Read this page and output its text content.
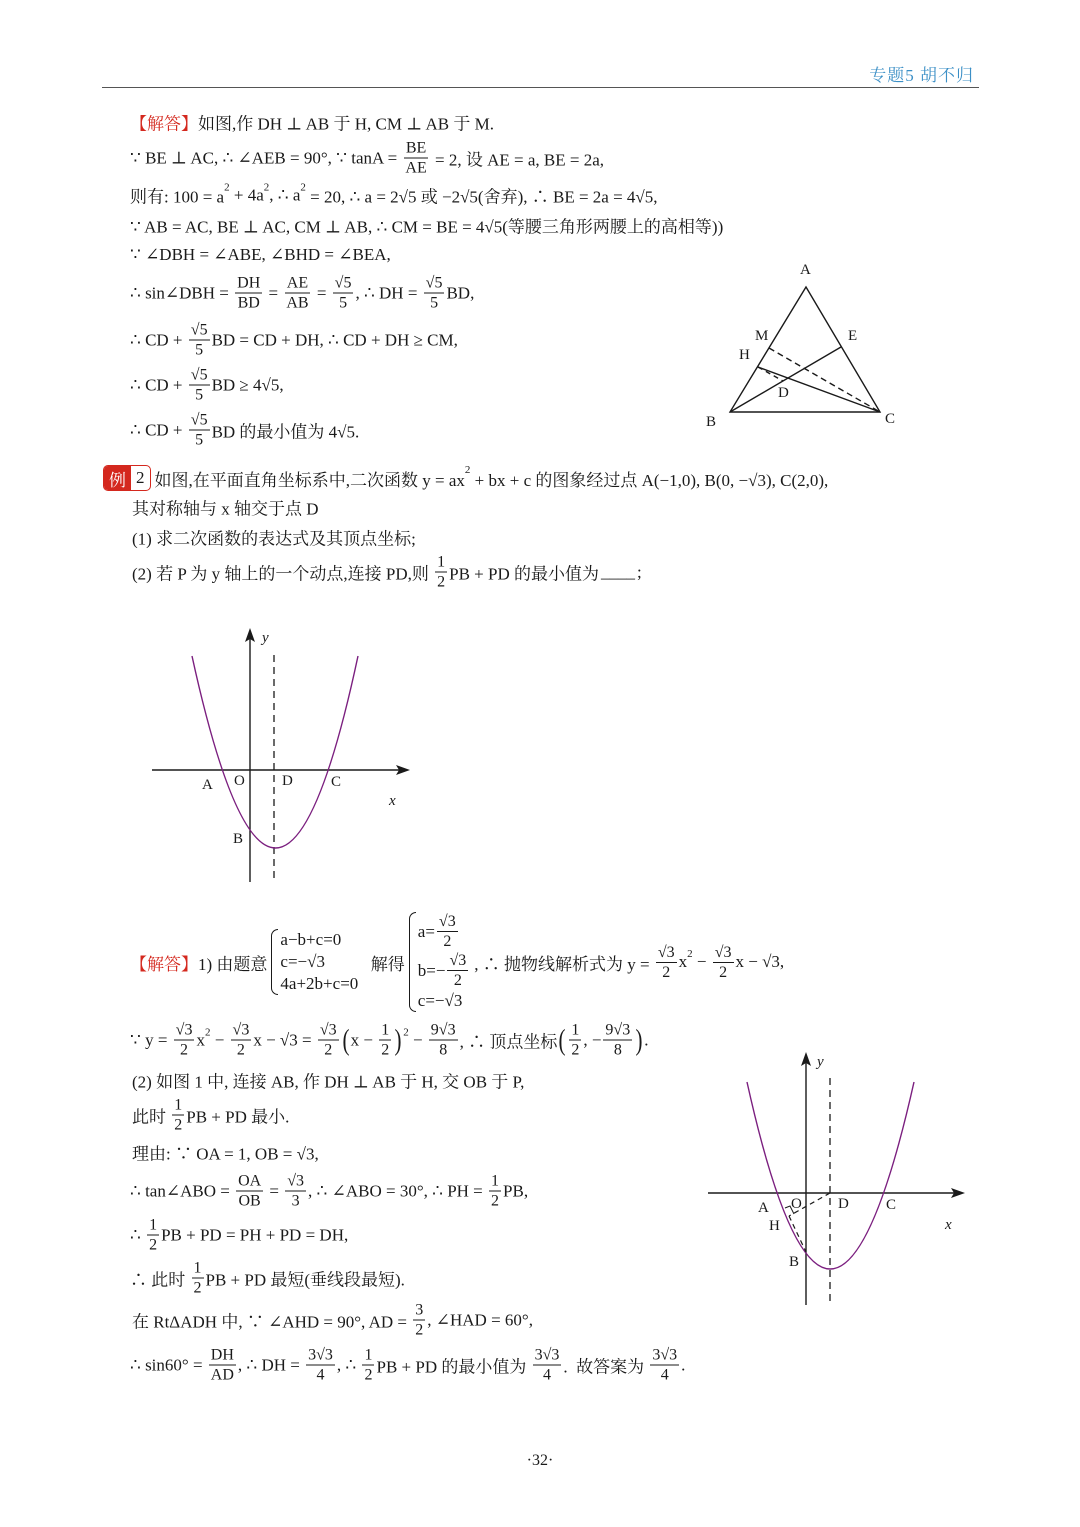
专题5 胡不归
【解答】 如图,作 DH ⊥ AB 于 H, CM ⊥ AB 于 M.
∵ BE ⊥ AC, ∴ ∠AEB = 90°, ∵ $\tan A = \frac{BE}{AE} = 2$, 设 AE = a, BE = 2a,
则有: 100 = a
2 + 4a 2 , ∴ a 2
= 20, ∴ a = 2√5 或 −2√5(舍弃), ∴ BE = 2a = 4√5,
∵ AB = AC, BE ⊥ AC, CM ⊥ AB, ∴ CM = BE = 4√5(等腰三角形两腰上的高相等))
∵ ∠DBH = ∠ABE, ∠BHD = ∠BEA,
∴ sin∠DBH = $\frac{DH}{BD} = \frac{AE}{AB} = \frac{√5}{5}$ , ∴ DH = $\frac{√5}{5}$ BD,
∴ CD + $\frac{√5}{5}$ BD = CD + DH, ∴ CD + DH ≥ CM,
∴ CD + $\frac{√5}{5}$ BD ≥ 4√5,
∴ CD + $\frac{√5}{5}$ BD 的最小值为 4√5.
例 2 如图,在平面直角坐标系中,二次函数 y = ax
2
+ bx + c 的图象经过点 A(−1,0), B(0, −√3), C(2,0),
其对称轴与 x 轴交于点 D
(1) 求二次函数的表达式及其顶点坐标;
(2) 若 P 为 y 轴上的一个动点,连接 PD,则 $\frac{1}{2}$ PB + PD 的最小值为 ____ ;
【解答】 1) 由题意
a−b+c=0
c=−√3
4a+2b+c=0
解得
$a= \frac{√3}{2}$
$b=- \frac{√3}{2}$
c=−√3
, ∴ 抛物线解析式为 $y = \frac{√3}{2}$ x $2 - \frac{√3}{2}$ x − √3,
∵ $y = \frac{√3}{2}$ x $2 - \frac{√3}{2}$ $x - √3 = \frac{√3}{2}$ ( $x - \frac{1}{2}$ ) $2 - \frac{9√3}{8}$ , ∴ 顶点坐标 ( $\frac{1}{2}$ , − $\frac{9√3}{8}$ ) .
(2) 如图 1 中, 连接 AB, 作 DH ⊥ AB 于 H, 交 OB 于 P,
此时 $\frac{1}{2}$ PB + PD 最小.
理由: ∵ OA = 1, OB = √3,
∴ tan∠ABO = $\frac{OA}{OB} = \frac{√3}{3}$ , ∴ ∠ABO = 30°, ∴ PH = $\frac{1}{2}$ PB,
∴ $\frac{1}{2}$ PB + PD = PH + PD = DH,
∴ 此时 $\frac{1}{2}$ PB + PD 最短(垂线段最短).
在 RtΔADH 中, ∵ ∠AHD = 90°, AD = $\frac{3}{2}$ , ∠HAD = 60°,
∴ $\sin 60^\circ = \frac{DH}{AD}$ , ∴ DH = $\frac{3√3}{4}$ , ∴ $\frac{1}{2}$ PB + PD 的最小值为 $\frac{3√3}{4}$ .  故答案为 $\frac{3√3}{4}$ .
A
B	C
D
E
H
M
y
x
A O D	C
B
y
x
A O D C
H
B
·32·
